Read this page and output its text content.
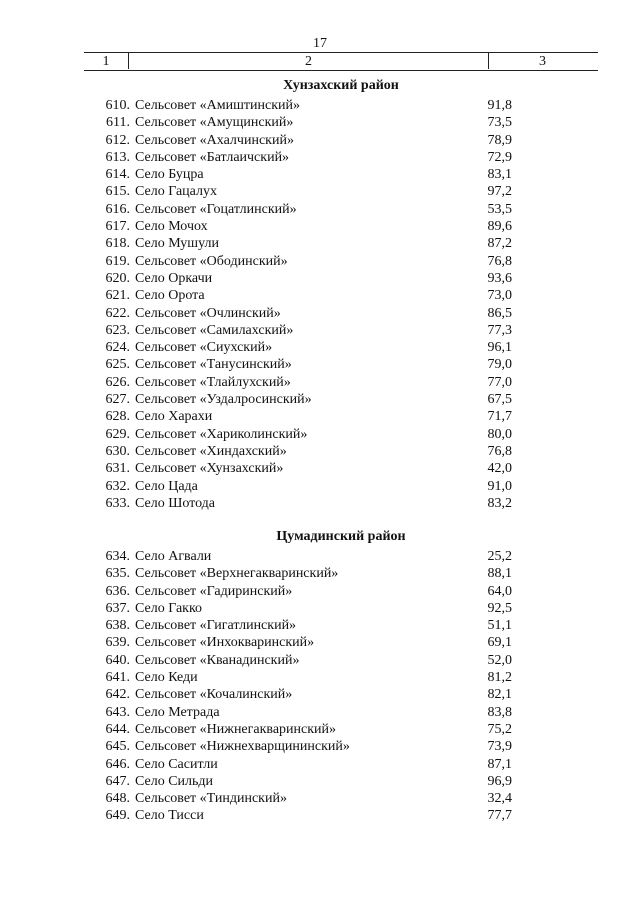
17
1	2	3
Хунзахский район
610. Сельсовет «Амиштинский»	91,8
611. Сельсовет «Амущинский»	73,5
612. Сельсовет «Ахалчинский»	78,9
613. Сельсовет «Батлаичский»	72,9
614. Село Буцра	83,1
615. Село Гацалух	97,2
616. Сельсовет «Гоцатлинский»	53,5
617. Село Мочох	89,6
618. Село Мушули	87,2
619. Сельсовет «Ободинский»	76,8
620. Село Оркачи	93,6
621. Село Орота	73,0
622. Сельсовет «Очлинский»	86,5
623. Сельсовет «Самилахский»	77,3
624. Сельсовет «Сиухский»	96,1
625. Сельсовет «Танусинский»	79,0
626. Сельсовет «Тлайлухский»	77,0
627. Сельсовет «Уздалросинский»	67,5
628. Село Харахи	71,7
629. Сельсовет «Хариколинский»	80,0
630. Сельсовет «Хиндахский»	76,8
631. Сельсовет «Хунзахский»	42,0
632. Село Цада	91,0
633. Село Шотода	83,2
Цумадинский район
634. Село Агвали	25,2
635. Сельсовет «Верхнегакваринский»	88,1
636. Сельсовет «Гадиринский»	64,0
637. Село Гакко	92,5
638. Сельсовет «Гигатлинский»	51,1
639. Сельсовет «Инхокваринский»	69,1
640. Сельсовет «Кванадинский»	52,0
641. Село Кеди	81,2
642. Сельсовет «Кочалинский»	82,1
643. Село Метрада	83,8
644. Сельсовет «Нижнегакваринский»	75,2
645. Сельсовет «Нижнехварщининский»	73,9
646. Село Саситли	87,1
647. Село Сильди	96,9
648. Сельсовет «Тиндинский»	32,4
649. Село Тисси	77,7
